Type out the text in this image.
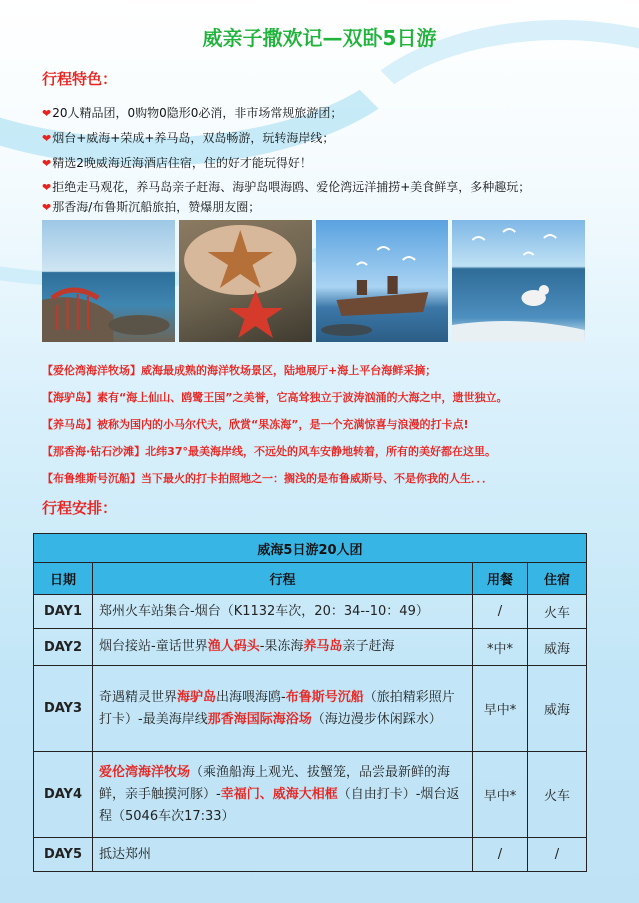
威亲子撒欢记—双卧5日游
行程特色：
❤20人精品团，0购物0隐形0必消，非市场常规旅游团；
❤烟台+威海+荣成+养马岛，双岛畅游，玩转海岸线；
❤精选2晚威海近海酒店住宿，住的好才能玩得好！
❤拒绝走马观花，养马岛亲子赶海、海驴岛喂海鸥、爱伦湾远洋捕捞+美食鲜享，多种趣玩；
❤那香海/布鲁斯沉船旅拍，赞爆朋友圈；
【爱伦湾海洋牧场】威海最成熟的海洋牧场景区，陆地展厅+海上平台海鲜采摘；
【海驴岛】素有“海上仙山、鸥鹭王国”之美誉，它高耸独立于波涛汹涌的大海之中，遗世独立。
【养马岛】被称为国内的小马尔代夫，欣赏“果冻海”，是一个充满惊喜与浪漫的打卡点!
【那香海·钻石沙滩】北纬37°最美海岸线，不远处的风车安静地转着，所有的美好都在这里。
【布鲁维斯号沉船】当下最火的打卡拍照地之一：搁浅的是布鲁威斯号、不是你我的人生．．．
行程安排：
威海5日游20人团			
日期	行程	用餐	住宿
DAY1	郑州火车站集合-烟台（K1132车次，20：34--10：49）	/	火车
DAY2	烟台接站-童话世界渔人码头-果冻海养马岛亲子赶海	*中*	威海
DAY3	奇遇精灵世界海驴岛出海喂海鸥-布鲁斯号沉船（旅拍精彩照片打卡）-最美海岸线那香海国际海浴场（海边漫步休闲踩水）	早中*	威海
DAY4	爱伦湾海洋牧场（乘渔船海上观光、拔蟹笼，品尝最新鲜的海鲜，亲手触摸河豚）-幸福门、威海大相框（自由打卡）-烟台返程（5046车次17:33）	早中*	火车
DAY5	抵达郑州	/	/
